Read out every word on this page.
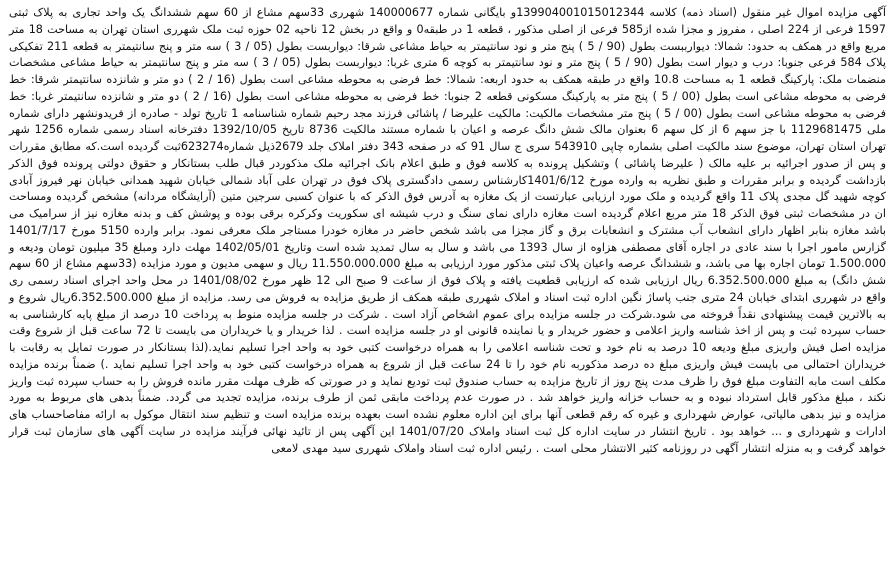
آگهی مزایده اموال غیر منقول (اسناد ذمه) کلاسه 139904001015012344و بایگانی شماره 140000677 شهرری 33سهم مشاع از 60 سهم ششدانگ یک واحد تجاری به پلاک ثبتی 1597 فرعی از 224 اصلی ، مفروز و مجزا شده از585 فرعی از اصلی مذکور ، قطعه 1 در طبقه0 و واقع در بخش 12 ناحیه 02 حوزه ثبت ملک شهرری استان تهران به مساحت 18 متر مربع واقع در همکف به حدود: شمالا: دیوارببست بطول (90 / 5 ) پنج متر و نود سانتیمتر به حیاط مشاعی شرقا: دیواربست بطول (05 / 3 ) سه متر و پنج سانتیمتر به قطعه 211 تفکیکی پلاک 584 فرعی جنوبا: درب و دیوار است بطول (90 / 5 ) پنج متر و نود سانتیمتر به کوچه 6 متری غربا: دیواربست بطول (05 / 3 ) سه متر و پنج سانتیمتر به حیاط مشاعی مشخصات منضمات ملک: پارکینگ قطعه 1 به مساحت 10.8 واقع در طبقه همکف به حدود اربعه: شمالا: خط فرضی به محوطه مشاعی است بطول (16 / 2 ) دو متر و شانزده سانتیمتر شرقا: خط فرضی به محوطه مشاعی است بطول (00 / 5 ) پنج متر به پارکینگ مسکونی قطعه 2 جنوبا: خط فرضی به محوطه مشاعی است بطول (16 / 2 ) دو متر و شانزده سانتیمتر غربا: خط فرضی به محوطه مشاعی است بطول (00 / 5 ) پنج متر مشخصات مالکیت: مالکیت علیرضا / پاشائی فرزند مجد رحیم شماره شناسنامه 1 تاریخ تولد - صادره از فریدونشهر دارای شماره ملی 1129681475 با جز سهم 6 از کل سهم 6 بعنوان مالک شش دانگ عرصه و اعیان با شماره مستند مالکیت 8736 تاریخ 1392/10/05 دفترخانه اسناد رسمی شماره 1256 شهر تهران استان تهران، موضوع سند مالکیت اصلی بشماره چاپی 543910 سری ج سال 91 که در صفحه 343 دفتر املاک جلد 2679ذیل شماره623274ثبت گردیده است.که مطابق مقررات و پس از صدور اجرائیه بر علیه مالک ( علیرضا پاشائی ) وتشکیل پرونده به کلاسه فوق و طبق اعلام بانک اجرائیه ملک مذکوردر قبال طلب بستانکار و حقوق دولتی پرونده فوق الذکر بازداشت گردیده و برابر مقررات و طبق نظریه به وارده مورخ 1401/6/12کارشناس رسمی دادگستری پلاک فوق در تهران علی آباد شمالی خیابان شهید همدانی خیابان نهر فیروز آبادی کوچه شهید گل مجدی پلاک 11 واقع گردیده و ملک مورد ارزیابی عبارتست از یک مغازه به آدرس فوق الذکر که با عنوان کسبی سرجین متین (آرایشگاه مردانه) مشخص گردیده ومساحت ان در مشخصات ثبتی فوق الذکر 18 متر مربع اعلام گردیده است مغازه دارای نمای سنگ و درب شیشه ای سکوریت وکرکره برقی بوده و پوشش کف و بدنه مغازه نیز از سرامیک می باشد مغازه بنابر اظهار دارای انشعاب آب مشترک و انشعابات برق و گاز مجزا می باشد شخص حاضر در مغازه خودرا مستاجر ملک معرفی نمود. برابر وارده 5150 مورخ 1401/7/17 گزارس مامور اجرا با سند عادی در اجاره آقای مصطفی هزاوه از سال 1393 می باشد و سال به سال تمدید شده است وتاریخ 1402/05/01 مهلت دارد ومبلغ 35 میلیون تومان ودیعه و 1.500.000 تومان اجاره بها می باشد، و ششدانگ عرصه واعیان پلاک ثبتی مذکور مورد ارزیابی به مبلغ 11.550.000.000 ریال و سهمی مدیون و مورد مزایده (33سهم مشاع از 60 سهم شش دانگ) به مبلغ 6.352.500.000 ریال ارزیابی شده که ارزیابی قطعیت یافته و پلاک فوق از ساعت 9 صبح الی 12 ظهر مورخ 1401/08/02 در محل واحد اجرای اسناد رسمی ری واقع در شهرری ابتدای خیابان 24 متری جنب پاساژ نگین اداره ثبت اسناد و املاک شهرری طبقه همکف از طریق مزایده به فروش می رسد. مزایده از مبلغ 6.352.500.000ریال شروع و به بالاترین قیمت پیشنهادی نقداً فروخته می شود.شرکت در جلسه مزایده برای عموم اشخاص آزاد است . شرکت در جلسه مزایده منوط به پرداخت 10 درصد از مبلغ پایه کارشناسی به حساب سپرده ثبت و پس از اخذ شناسه واریز اعلامی و حضور خریدار و یا نماینده قانونی او در جلسه مزایده است . لذا خریدار و یا خریداران می بایست تا 72 ساعت قبل از شروع وقت مزایده اصل فیش واریزی مبلغ ودیعه 10 درصد به نام خود و تحت شناسه اعلامی را به همراه درخواست کتبی خود به واحد اجرا تسلیم نماید.(لذا بستانکار در صورت تمایل به رقابت با خریداران احتمالی می بایست فیش واریزی مبلغ ده درصد مذکوربه نام خود را تا 24 ساعت قبل از شروع به همراه درخواست کتبی خود به واحد اجرا تسلیم نماید .) ضمناً برنده مزایده مکلف است مابه التفاوت مبلغ فوق را ظرف مدت پنج روز از تاریخ مزایده به حساب صندوق ثبت تودیع نماید و در صورتی که ظرف مهلت مقرر مانده فروش را به حساب سپرده ثبت واریز نکند ، مبلغ مذکور قابل استرداد نبوده و به حساب خزانه واریز خواهد شد . در صورت عدم پرداخت مابقی ثمن از طرف برنده، مزایده تجدید می گردد. ضمناً بدهی های مربوط به مورد مزایده و نیز بدهی مالیاتی، عوارض شهرداری و غیره که رقم قطعی آنها برای این اداره معلوم نشده است بعهده برنده مزایده است و تنظیم سند انتقال موکول به ارائه مفاصاحساب های ادارات و شهرداری و ... خواهد بود . تاریخ انتشار در سایت اداره کل ثبت اسناد واملاک 1401/07/20 این آگهی پس از تائید نهائی فرآیند مزایده در سایت آگهی های سازمان ثبت قرار خواهد گرفت و به منزله انتشار آگهی در روزنامه کثیر الانتشار محلی است . رئیس اداره ثبت اسناد واملاک شهرری سید مهدی لامعی
